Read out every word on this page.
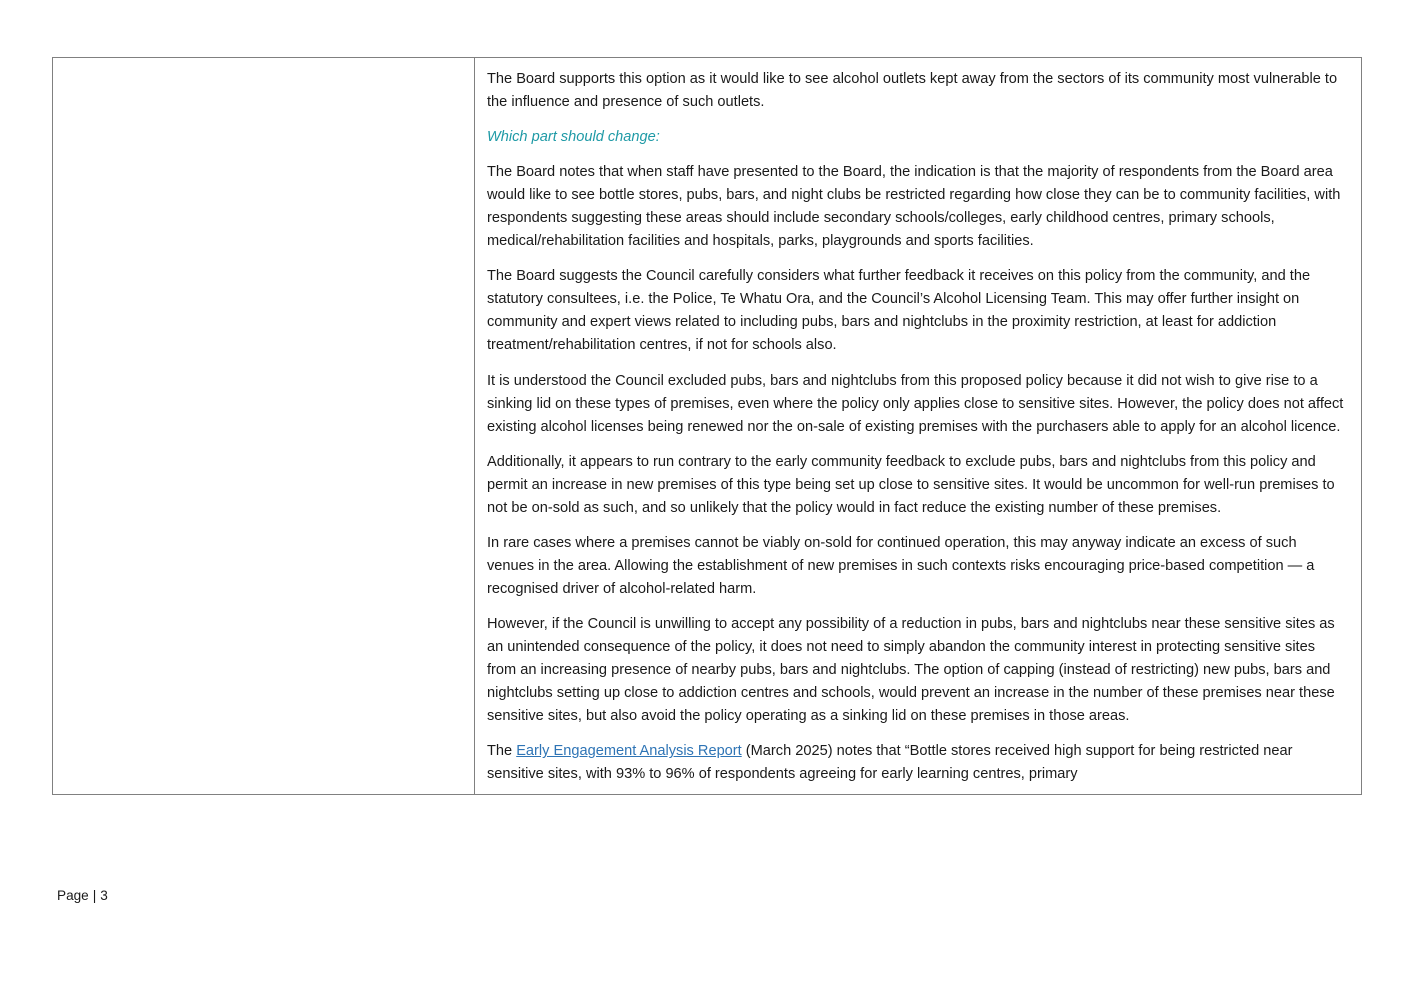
The Board supports this option as it would like to see alcohol outlets kept away from the sectors of its community most vulnerable to the influence and presence of such outlets.

Which part should change:

The Board notes that when staff have presented to the Board, the indication is that the majority of respondents from the Board area would like to see bottle stores, pubs, bars, and night clubs be restricted regarding how close they can be to community facilities, with respondents suggesting these areas should include secondary schools/colleges, early childhood centres, primary schools, medical/rehabilitation facilities and hospitals, parks, playgrounds and sports facilities.

The Board suggests the Council carefully considers what further feedback it receives on this policy from the community, and the statutory consultees, i.e. the Police, Te Whatu Ora, and the Council’s Alcohol Licensing Team. This may offer further insight on community and expert views related to including pubs, bars and nightclubs in the proximity restriction, at least for addiction treatment/rehabilitation centres, if not for schools also.

It is understood the Council excluded pubs, bars and nightclubs from this proposed policy because it did not wish to give rise to a sinking lid on these types of premises, even where the policy only applies close to sensitive sites. However, the policy does not affect existing alcohol licenses being renewed nor the on-sale of existing premises with the purchasers able to apply for an alcohol licence.

Additionally, it appears to run contrary to the early community feedback to exclude pubs, bars and nightclubs from this policy and permit an increase in new premises of this type being set up close to sensitive sites. It would be uncommon for well-run premises to not be on-sold as such, and so unlikely that the policy would in fact reduce the existing number of these premises.

In rare cases where a premises cannot be viably on-sold for continued operation, this may anyway indicate an excess of such venues in the area. Allowing the establishment of new premises in such contexts risks encouraging price-based competition — a recognised driver of alcohol-related harm.

However, if the Council is unwilling to accept any possibility of a reduction in pubs, bars and nightclubs near these sensitive sites as an unintended consequence of the policy, it does not need to simply abandon the community interest in protecting sensitive sites from an increasing presence of nearby pubs, bars and nightclubs. The option of capping (instead of restricting) new pubs, bars and nightclubs setting up close to addiction centres and schools, would prevent an increase in the number of these premises near these sensitive sites, but also avoid the policy operating as a sinking lid on these premises in those areas.

The Early Engagement Analysis Report (March 2025) notes that “Bottle stores received high support for being restricted near sensitive sites, with 93% to 96% of respondents agreeing for early learning centres, primary

Page | 3
